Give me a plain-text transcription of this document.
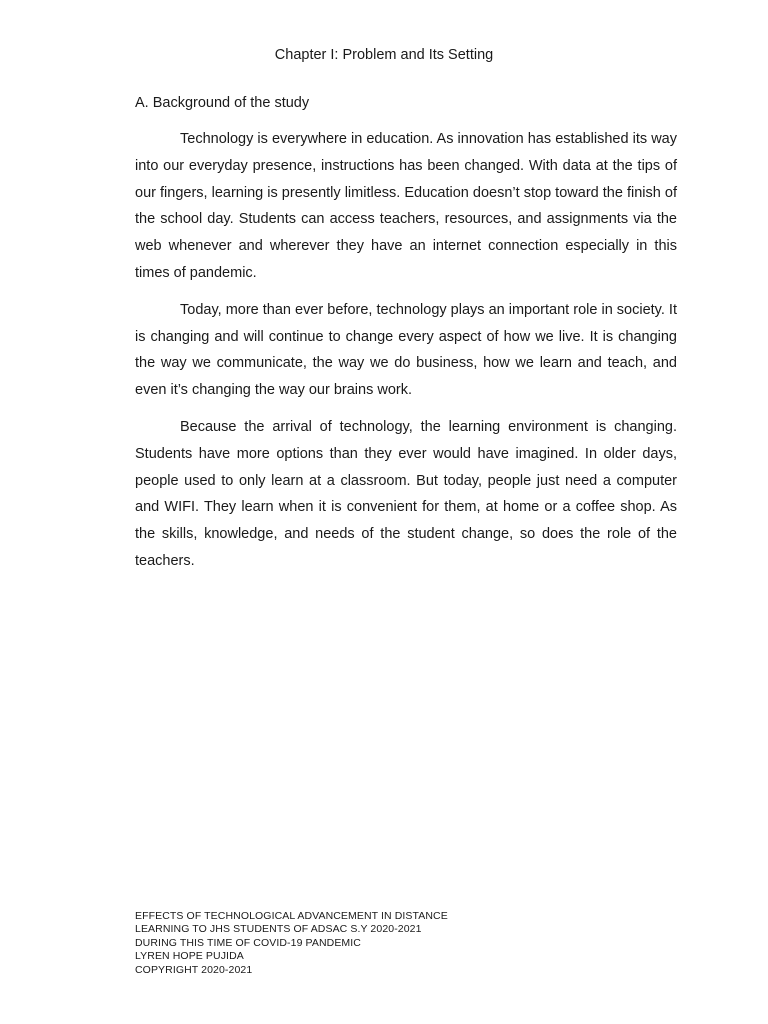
Chapter I: Problem and Its Setting
A. Background of the study

Technology is everywhere in education. As innovation has established its way into our everyday presence, instructions has been changed. With data at the tips of our fingers, learning is presently limitless. Education doesn’t stop toward the finish of the school day. Students can access teachers, resources, and assignments via the web whenever and wherever they have an internet connection especially in this times of pandemic.

Today, more than ever before, technology plays an important role in society. It is changing and will continue to change every aspect of how we live. It is changing the way we communicate, the way we do business, how we learn and teach, and even it’s changing the way our brains work.

Because the arrival of technology, the learning environment is changing. Students have more options than they ever would have imagined. In older days, people used to only learn at a classroom. But today, people just need a computer and WIFI. They learn when it is convenient for them, at home or a coffee shop. As the skills, knowledge, and needs of the student change, so does the role of the teachers.

EFFECTS OF TECHNOLOGICAL ADVANCEMENT IN DISTANCE
LEARNING TO JHS STUDENTS OF ADSAC S.Y 2020-2021
DURING THIS TIME OF COVID-19 PANDEMIC
LYREN HOPE PUJIDA
COPYRIGHT 2020-2021
